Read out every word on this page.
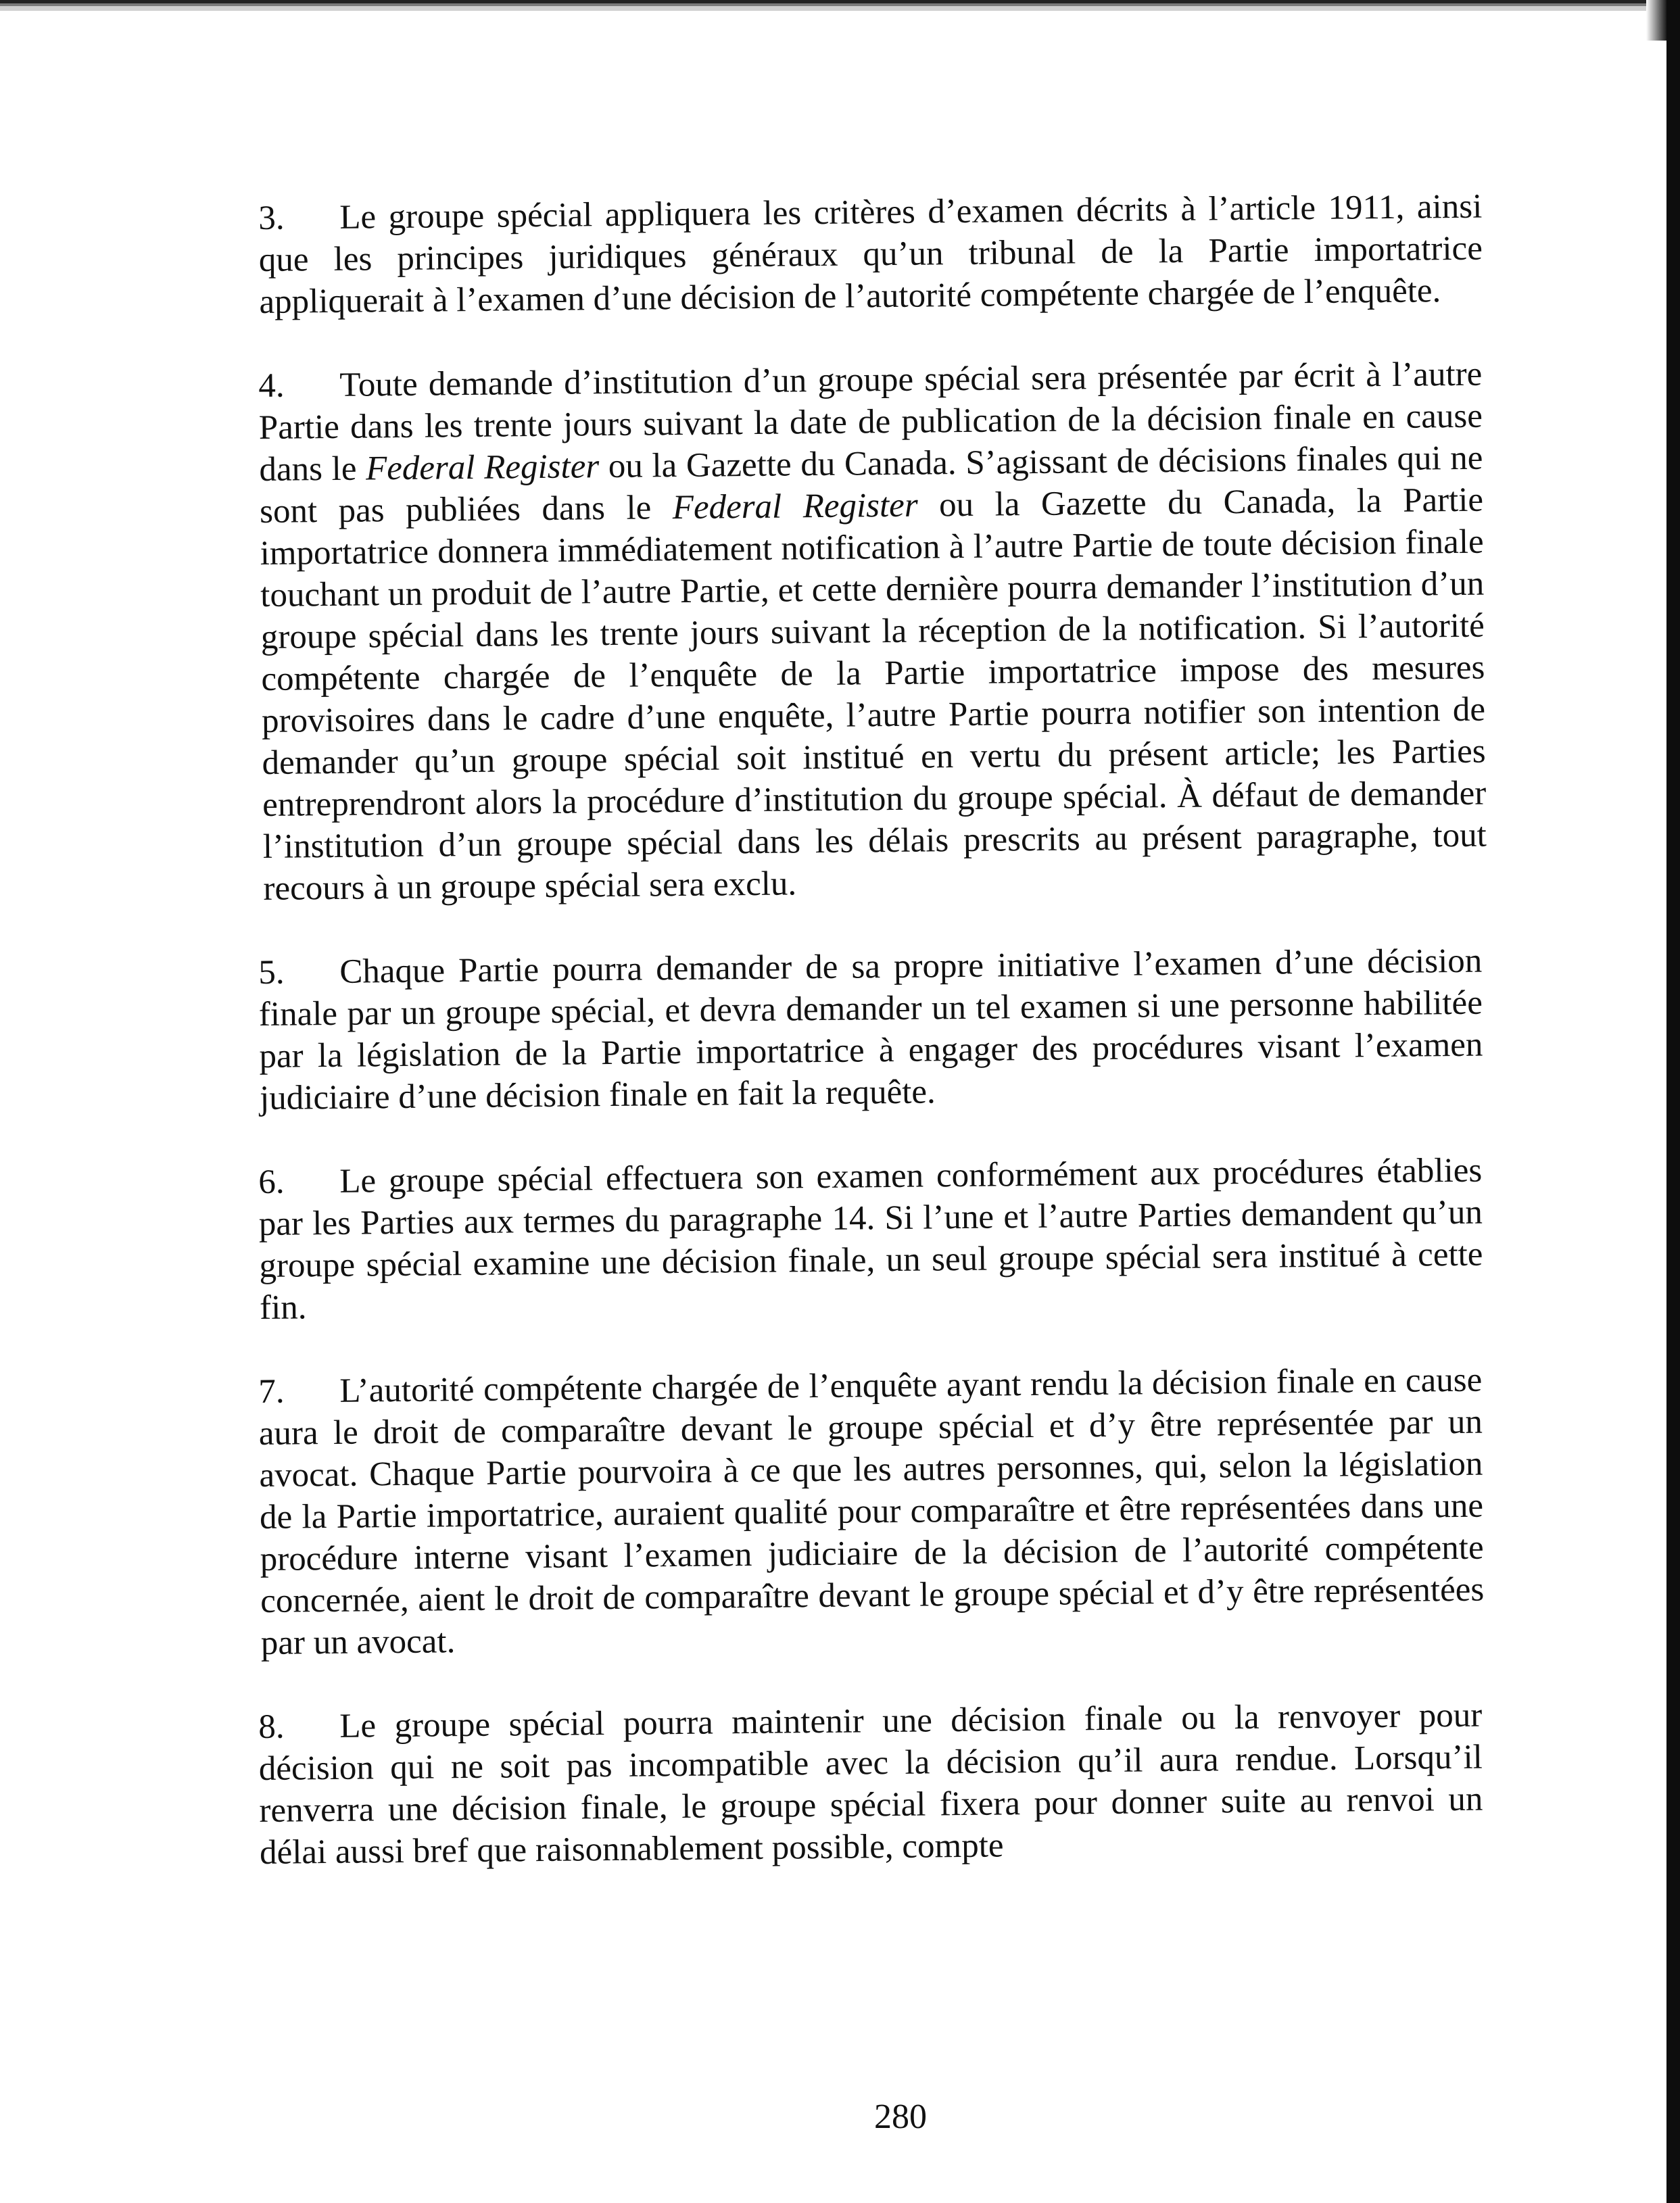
3. Le groupe spécial appliquera les critères d’examen décrits à l’article 1911, ainsi que les principes juridiques généraux qu’un tribunal de la Partie importatrice appliquerait à l’examen d’une décision de l’autorité compétente chargée de l’enquête.

4. Toute demande d’institution d’un groupe spécial sera présentée par écrit à l’autre Partie dans les trente jours suivant la date de publication de la décision finale en cause dans le Federal Register ou la Gazette du Canada. S’agissant de décisions finales qui ne sont pas publiées dans le Federal Register ou la Gazette du Canada, la Partie importatrice donnera immédiatement notification à l’autre Partie de toute décision finale touchant un produit de l’autre Partie, et cette dernière pourra demander l’institution d’un groupe spécial dans les trente jours suivant la réception de la notification. Si l’autorité compétente chargée de l’enquête de la Partie importatrice impose des mesures provisoires dans le cadre d’une enquête, l’autre Partie pourra notifier son intention de demander qu’un groupe spécial soit institué en vertu du présent article; les Parties entreprendront alors la procédure d’institution du groupe spécial. À défaut de demander l’institution d’un groupe spécial dans les délais prescrits au présent paragraphe, tout recours à un groupe spécial sera exclu.

5. Chaque Partie pourra demander de sa propre initiative l’examen d’une décision finale par un groupe spécial, et devra demander un tel examen si une personne habilitée par la législation de la Partie importatrice à engager des procédures visant l’examen judiciaire d’une décision finale en fait la requête.

6. Le groupe spécial effectuera son examen conformément aux procédures établies par les Parties aux termes du paragraphe 14. Si l’une et l’autre Parties demandent qu’un groupe spécial examine une décision finale, un seul groupe spécial sera institué à cette fin.

7. L’autorité compétente chargée de l’enquête ayant rendu la décision finale en cause aura le droit de comparaître devant le groupe spécial et d’y être représentée par un avocat. Chaque Partie pourvoira à ce que les autres personnes, qui, selon la législation de la Partie importatrice, auraient qualité pour comparaître et être représentées dans une procédure interne visant l’examen judiciaire de la décision de l’autorité compétente concernée, aient le droit de comparaître devant le groupe spécial et d’y être représentées par un avocat.

8. Le groupe spécial pourra maintenir une décision finale ou la renvoyer pour décision qui ne soit pas incompatible avec la décision qu’il aura rendue. Lorsqu’il renverra une décision finale, le groupe spécial fixera pour donner suite au renvoi un délai aussi bref que raisonnablement possible, compte

280
